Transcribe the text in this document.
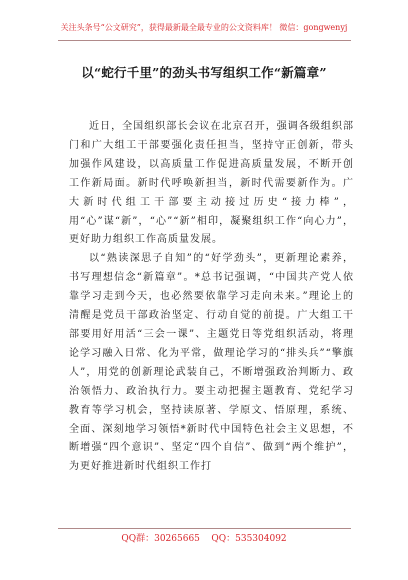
关注头条号“公文研究”，获得最新最全最专业的公文资料库！ 微信：gongwenyj
以“蛇行千里”的劲头书写组织工作“新篇章”

近日，全国组织部长会议在北京召开，强调各级组织部门和广大组工干部要强化责任担当，坚持守正创新，带头加强作风建设，以高质量工作促进高质量发展，不断开创工作新局面。新时代呼唤新担当，新时代需要新作为。广大新时代组工干部要主动接过历史“接力棒”，用“心”谋“新”，“心”“新”相印，凝聚组织工作“向心力”，更好助力组织工作高质量发展。

以“熟读深思子自知”的“好学劲头”，更新理论素养，书写理想信念“新篇章”。*总书记强调，“中国共产党人依靠学习走到今天，也必然要依靠学习走向未来。”理论上的清醒是党员干部政治坚定、行动自觉的前提。广大组工干部要用好用活“三会一课”、主题党日等党组织活动，将理论学习融入日常、化为平常，做理论学习的“排头兵”“擎旗人”，用党的创新理论武装自己，不断增强政治判断力、政治领悟力、政治执行力。要主动把握主题教育、党纪学习教育等学习机会，坚持读原著、学原文、悟原理，系统、全面、深刻地学习领悟*新时代中国特色社会主义思想，不断增强“四个意识”、坚定“四个自信”、做到“两个维护”，为更好推进新时代组织工作打

QQ群：30265665 QQ：535304092
